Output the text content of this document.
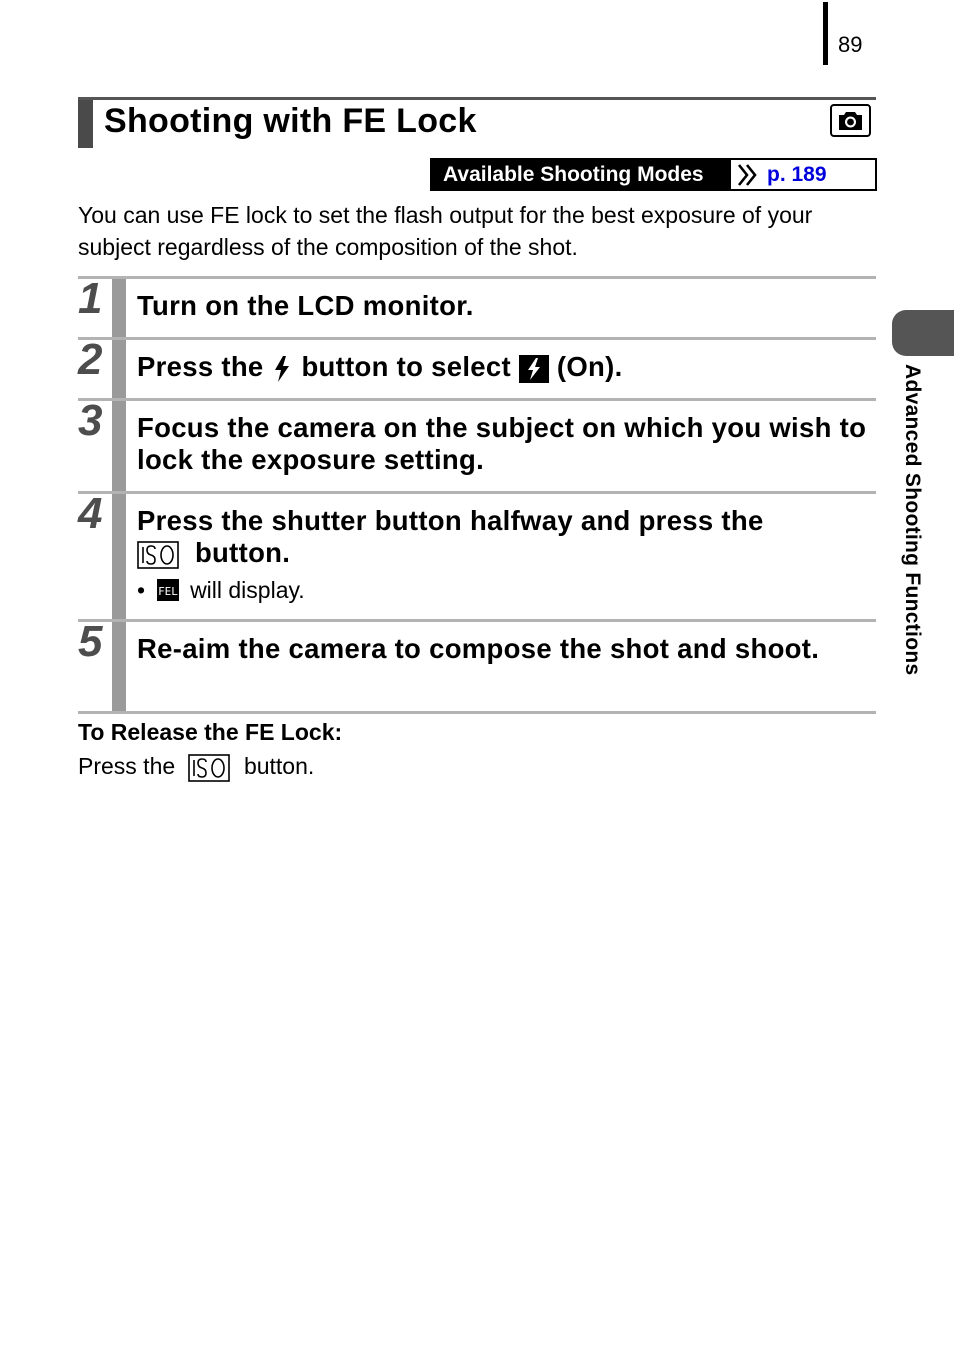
89
Shooting with FE Lock
Available Shooting Modes	p. 189

You can use FE lock to set the flash output for the best exposure of your subject regardless of the composition of the shot.

1 Turn on the LCD monitor.
2 Press the button to select (On).
3 Focus the camera on the subject on which you wish to lock the exposure setting.
4 Press the shutter button halfway and press the
button.
• FEL will display.
5 Re-aim the camera to compose the shot and shoot.
To Release the FE Lock:
Press the	button.
Advanced Shooting Functions
